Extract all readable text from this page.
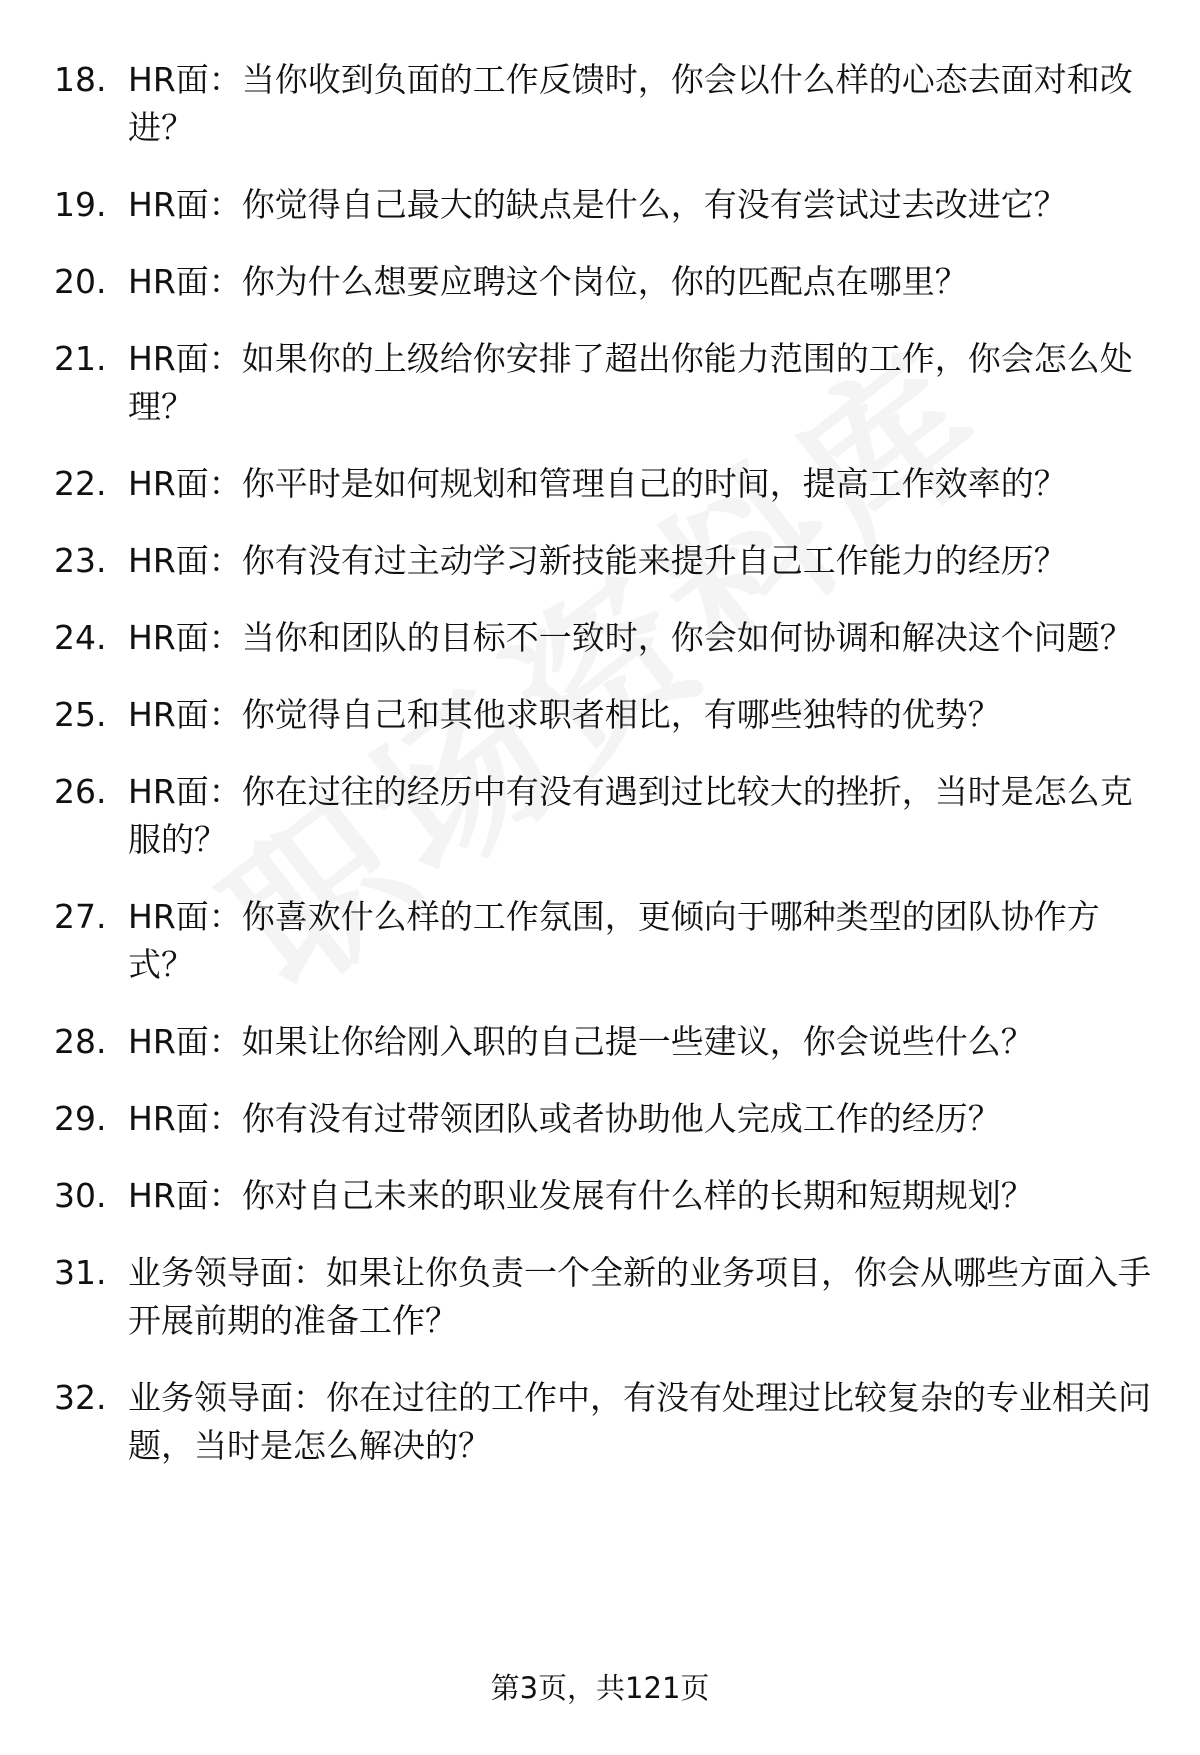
18. HR面：当你收到负面的工作反馈时，你会以什么样的心态去面对和改进？
19. HR面：你觉得自己最大的缺点是什么，有没有尝试过去改进它？
20. HR面：你为什么想要应聘这个岗位，你的匹配点在哪里？
21. HR面：如果你的上级给你安排了超出你能力范围的工作，你会怎么处理？
22. HR面：你平时是如何规划和管理自己的时间，提高工作效率的？
23. HR面：你有没有过主动学习新技能来提升自己工作能力的经历？
24. HR面：当你和团队的目标不一致时，你会如何协调和解决这个问题？
25. HR面：你觉得自己和其他求职者相比，有哪些独特的优势？
26. HR面：你在过往的经历中有没有遇到过比较大的挫折，当时是怎么克服的？
27. HR面：你喜欢什么样的工作氛围，更倾向于哪种类型的团队协作方式？
28. HR面：如果让你给刚入职的自己提一些建议，你会说些什么？
29. HR面：你有没有过带领团队或者协助他人完成工作的经历？
30. HR面：你对自己未来的职业发展有什么样的长期和短期规划？
31. 业务领导面：如果让你负责一个全新的业务项目，你会从哪些方面入手开展前期的准备工作？
32. 业务领导面：你在过往的工作中，有没有处理过比较复杂的专业相关问题，当时是怎么解决的？
第3页，共121页
